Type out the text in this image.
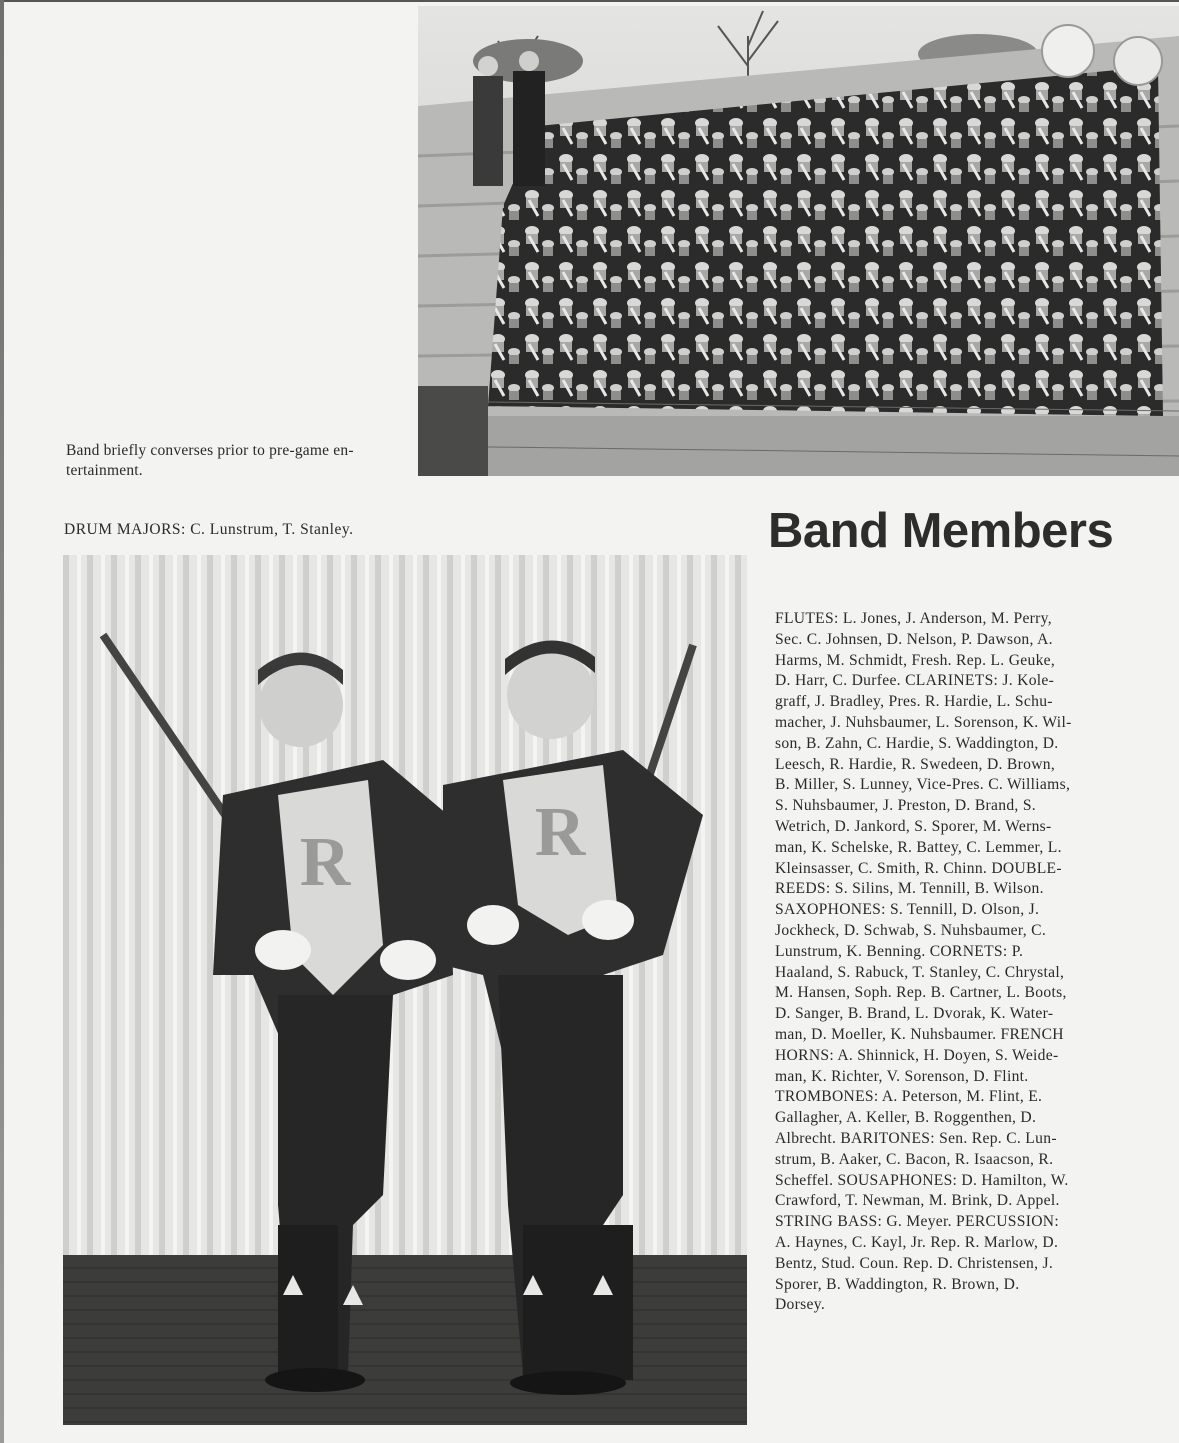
Band briefly converses prior to pre-game en-
tertainment.
DRUM MAJORS: C. Lunstrum, T. Stanley.	Band Members
R	R

FLUTES: L. Jones, J. Anderson, M. Perry,
Sec. C. Johnsen, D. Nelson, P. Dawson, A.
Harms, M. Schmidt, Fresh. Rep. L. Geuke,
D. Harr, C. Durfee. CLARINETS: J. Kole-
graff, J. Bradley, Pres. R. Hardie, L. Schu-
macher, J. Nuhsbaumer, L. Sorenson, K. Wil-
son, B. Zahn, C. Hardie, S. Waddington, D.
Leesch, R. Hardie, R. Swedeen, D. Brown,
B. Miller, S. Lunney, Vice-Pres. C. Williams,
S. Nuhsbaumer, J. Preston, D. Brand, S.
Wetrich, D. Jankord, S. Sporer, M. Werns-
man, K. Schelske, R. Battey, C. Lemmer, L.
Kleinsasser, C. Smith, R. Chinn. DOUBLE-
REEDS: S. Silins, M. Tennill, B. Wilson.
SAXOPHONES: S. Tennill, D. Olson, J.
Jockheck, D. Schwab, S. Nuhsbaumer, C.
Lunstrum, K. Benning. CORNETS: P.
Haaland, S. Rabuck, T. Stanley, C. Chrystal,
M. Hansen, Soph. Rep. B. Cartner, L. Boots,
D. Sanger, B. Brand, L. Dvorak, K. Water-
man, D. Moeller, K. Nuhsbaumer. FRENCH
HORNS: A. Shinnick, H. Doyen, S. Weide-
man, K. Richter, V. Sorenson, D. Flint.
TROMBONES: A. Peterson, M. Flint, E.
Gallagher, A. Keller, B. Roggenthen, D.
Albrecht. BARITONES: Sen. Rep. C. Lun-
strum, B. Aaker, C. Bacon, R. Isaacson, R.
Scheffel. SOUSAPHONES: D. Hamilton, W.
Crawford, T. Newman, M. Brink, D. Appel.
STRING BASS: G. Meyer. PERCUSSION:
A. Haynes, C. Kayl, Jr. Rep. R. Marlow, D.
Bentz, Stud. Coun. Rep. D. Christensen, J.
Sporer, B. Waddington, R. Brown, D.
Dorsey.
